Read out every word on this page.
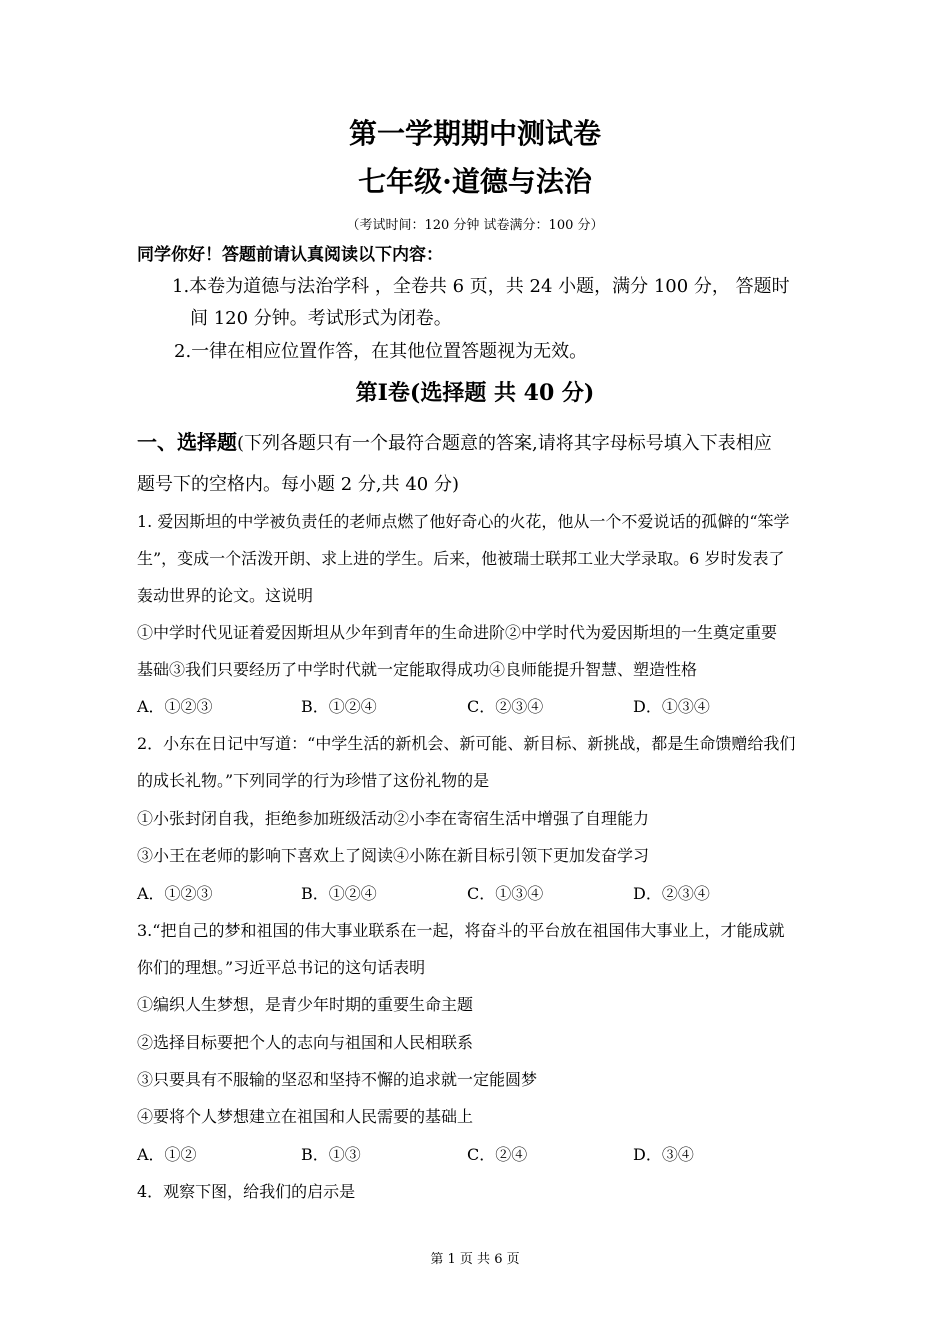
第一学期期中测试卷
七年级·道德与法治
（考试时间：120 分钟 试卷满分：100 分）
同学你好！答题前请认真阅读以下内容：
1.本卷为道德与法治学科 ，全卷共 6 页，共 24 小题，满分 100 分， 答题时
间 120 分钟。考试形式为闭卷。
2.一律在相应位置作答，在其他位置答题视为无效。
第Ⅰ卷(选择题 共 40 分)
一、选择题(下列各题只有一个最符合题意的答案,请将其字母标号填入下表相应
题号下的空格内。每小题 2 分,共 40 分)
1. 爱因斯坦的中学被负责任的老师点燃了他好奇心的火花，他从一个不爱说话的孤僻的“笨学
生”，变成一个活泼开朗、求上进的学生。后来，他被瑞士联邦工业大学录取。6 岁时发表了
轰动世界的论文。这说明
①中学时代见证着爱因斯坦从少年到青年的生命进阶②中学时代为爱因斯坦的一生奠定重要
基础③我们只要经历了中学时代就一定能取得成功④良师能提升智慧、塑造性格
A．①②③	B．①②④	C．②③④	D．①③④
2．小东在日记中写道：“中学生活的新机会、新可能、新目标、新挑战，都是生命馈赠给我们
的成长礼物。”下列同学的行为珍惜了这份礼物的是
①小张封闭自我，拒绝参加班级活动②小李在寄宿生活中增强了自理能力
③小王在老师的影响下喜欢上了阅读④小陈在新目标引领下更加发奋学习
A．①②③	B．①②④	C．①③④	D．②③④
3.“把自己的梦和祖国的伟大事业联系在一起，将奋斗的平台放在祖国伟大事业上，才能成就
你们的理想。”习近平总书记的这句话表明
①编织人生梦想，是青少年时期的重要生命主题
②选择目标要把个人的志向与祖国和人民相联系
③只要具有不服输的坚忍和坚持不懈的追求就一定能圆梦
④要将个人梦想建立在祖国和人民需要的基础上
A．①②	B．①③	C．②④	D．③④
4．观察下图，给我们的启示是
第 1 页 共 6 页
